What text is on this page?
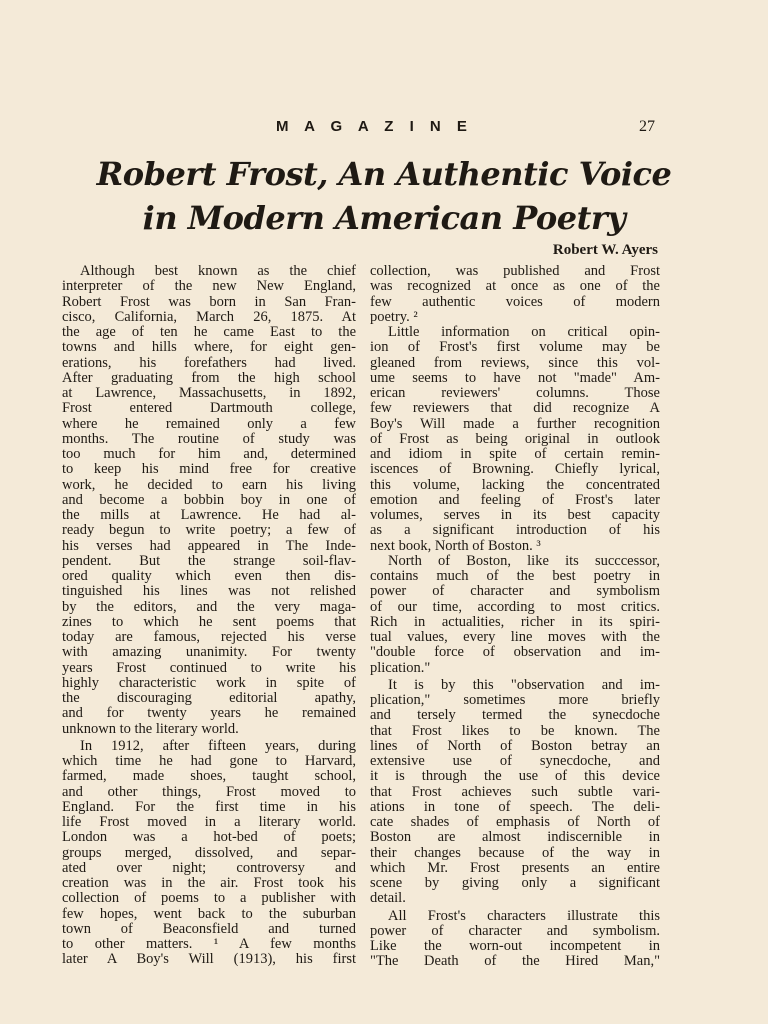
M A G A Z I N E	27
Robert Frost, An Authentic Voice
in Modern American Poetry
Robert W. Ayers
Although best known as the chief
interpreter of the new New England,
Robert Frost was born in San Fran-
cisco, California, March 26, 1875. At
the age of ten he came East to the
towns and hills where, for eight gen-
erations, his forefathers had lived.
After graduating from the high school
at Lawrence, Massachusetts, in 1892,
Frost entered Dartmouth college,
where he remained only a few
months. The routine of study was
too much for him and, determined
to keep his mind free for creative
work, he decided to earn his living
and become a bobbin boy in one of
the mills at Lawrence. He had al-
ready begun to write poetry; a few of
his verses had appeared in The Inde-
pendent. But the strange soil-flav-
ored quality which even then dis-
tinguished his lines was not relished
by the editors, and the very maga-
zines to which he sent poems that
today are famous, rejected his verse
with amazing unanimity. For twenty
years Frost continued to write his
highly characteristic work in spite of
the discouraging editorial apathy,
and for twenty years he remained
unknown to the literary world.
In 1912, after fifteen years, during
which time he had gone to Harvard,
farmed, made shoes, taught school,
and other things, Frost moved to
England. For the first time in his
life Frost moved in a literary world.
London was a hot-bed of poets;
groups merged, dissolved, and separ-
ated over night; controversy and
creation was in the air. Frost took his
collection of poems to a publisher with
few hopes, went back to the suburban
town of Beaconsfield and turned
to other matters. ¹ A few months
later A Boy's Will (1913), his first
collection, was published and Frost
was recognized at once as one of the
few authentic voices of modern
poetry. ²
Little information on critical opin-
ion of Frost's first volume may be
gleaned from reviews, since this vol-
ume seems to have not "made" Am-
erican reviewers' columns. Those
few reviewers that did recognize A
Boy's Will made a further recognition
of Frost as being original in outlook
and idiom in spite of certain remin-
iscences of Browning. Chiefly lyrical,
this volume, lacking the concentrated
emotion and feeling of Frost's later
volumes, serves in its best capacity
as a significant introduction of his
next book, North of Boston. ³
North of Boston, like its succcessor,
contains much of the best poetry in
power of character and symbolism
of our time, according to most critics.
Rich in actualities, richer in its spiri-
tual values, every line moves with the
"double force of observation and im-
plication."
It is by this "observation and im-
plication," sometimes more briefly
and tersely termed the synecdoche
that Frost likes to be known. The
lines of North of Boston betray an
extensive use of synecdoche, and
it is through the use of this device
that Frost achieves such subtle vari-
ations in tone of speech. The deli-
cate shades of emphasis of North of
Boston are almost indiscernible in
their changes because of the way in
which Mr. Frost presents an entire
scene by giving only a significant
detail.
All Frost's characters illustrate this
power of character and symbolism.
Like the worn-out incompetent in
"The Death of the Hired Man,"
